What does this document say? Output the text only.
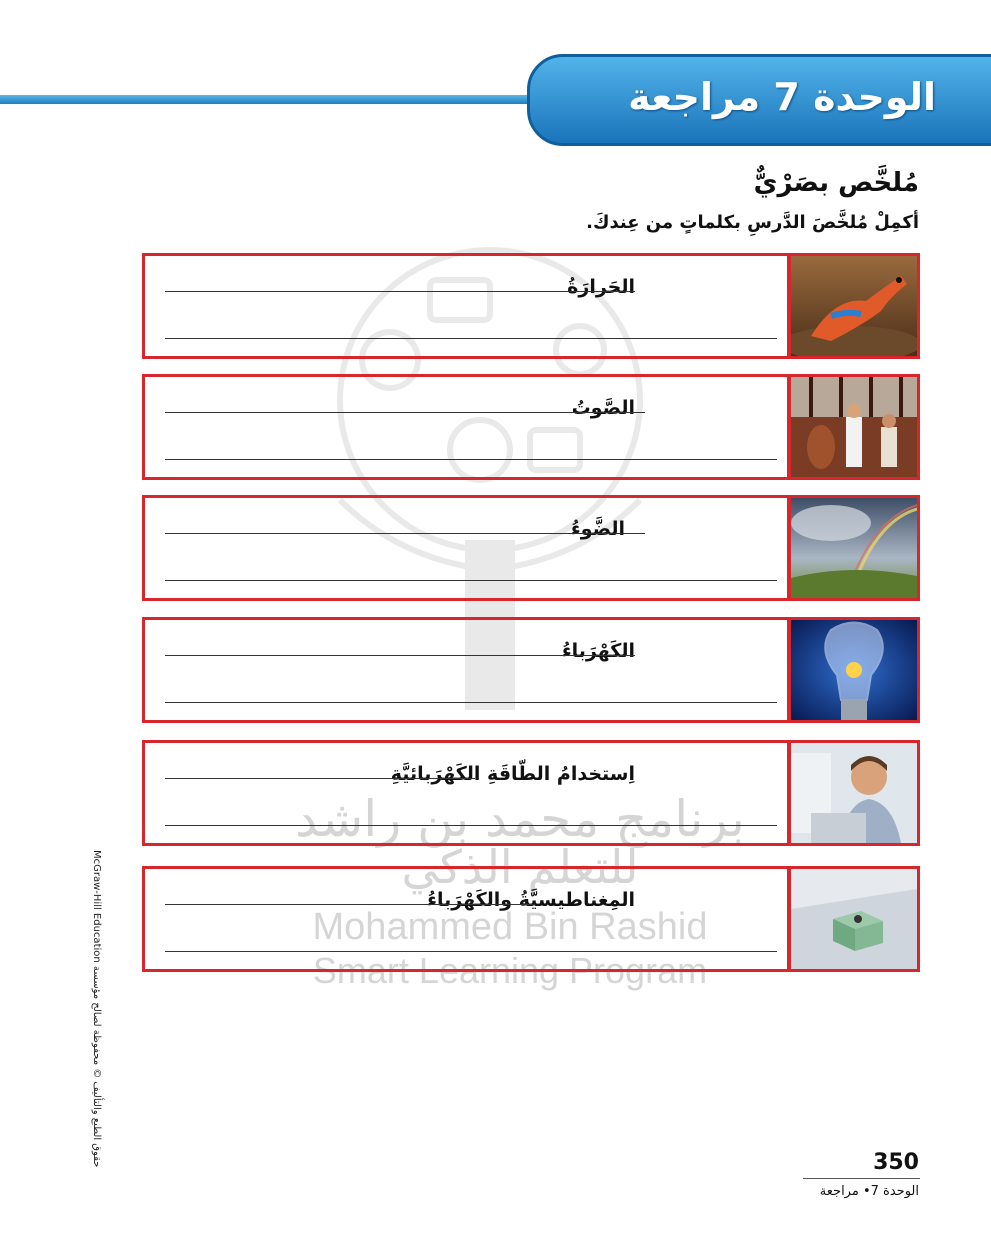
الوحدة 7 مراجعة
مُلخَّص بصَرْيٌّ
أكمِلْ مُلخَّصَ الدَّرسِ بكلماتٍ من عِندكَ.
برنامج محمد بن راشد
للتعلم الذكي
Mohammed Bin Rashid
Smart Learning Program
الحَرارَةُ
الصَّوتُ
الضَّوءُ
الكَهْرَباءُ
اِستخدامُ الطّاقَةِ الكَهْرَبائيَّةِ
المِغناطيسيَّةُ والكَهْرَباءُ
McGraw-Hill Education حقوق الطبع والتأليف © محفوظة لصالح مؤسسة	350
الوحدة 7• مراجعة
